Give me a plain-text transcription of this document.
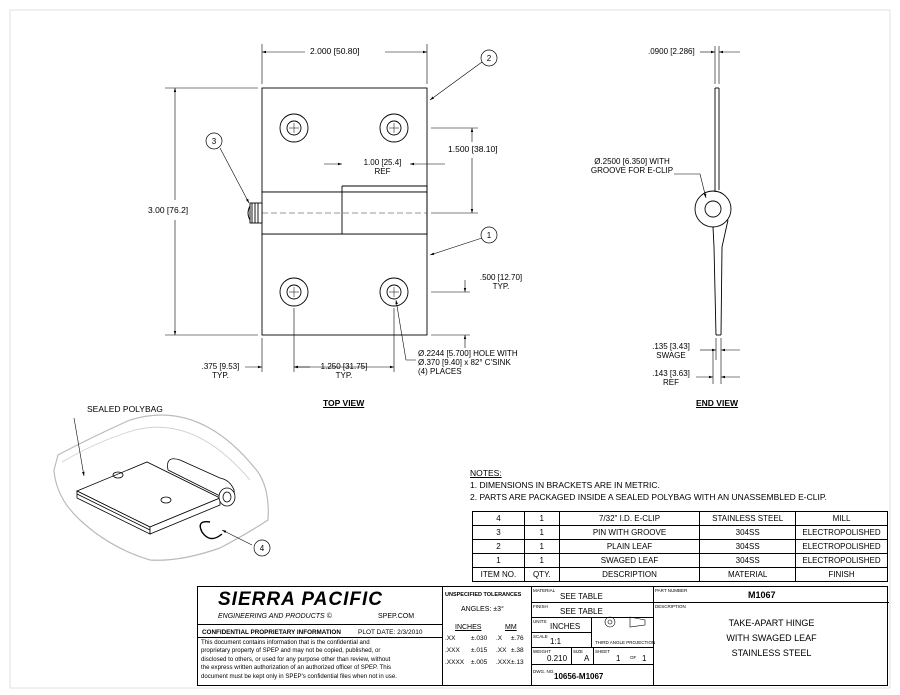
2.000 [50.80]
3.00 [76.2]
1.500 [38.10]
1.00 [25.4]
REF
.500 [12.70]
TYP.
.375 [9.53]
TYP.
1.250 [31.75]
TYP.
Ø.2244 [5.700] HOLE WITH
Ø.370 [9.40] x 82° C'SINK
(4) PLACES
.0900 [2.286]
Ø.2500 [6.350] WITH
GROOVE FOR E-CLIP
.135 [3.43]
SWAGE
.143 [3.63]
REF
TOP VIEW	END VIEW
2
1
3
4
SEALED POLYBAG
NOTES:
1. DIMENSIONS IN BRACKETS ARE IN METRIC.
2. PARTS ARE PACKAGED INSIDE A SEALED POLYBAG WITH AN UNASSEMBLED E-CLIP.
4	1	7/32" I.D. E-CLIP	STAINLESS STEEL	MILL
3	1	PIN WITH GROOVE	304SS	ELECTROPOLISHED
2	1	PLAIN LEAF	304SS	ELECTROPOLISHED
1	1	SWAGED LEAF	304SS	ELECTROPOLISHED
ITEM NO.	QTY.	DESCRIPTION	MATERIAL	FINISH
SIERRA PACIFIC
ENGINEERING AND PRODUCTS ©	SPEP.COM
CONFIDENTIAL PROPRIETARY INFORMATION	PLOT DATE: 2/3/2010
This document contains information that is the confidential and
proprietary property of SPEP and may not be copied, published, or
disclosed to others, or used for any purpose other than review, without
the express written authorization of an authorized officer of SPEP. This
document must be kept only in SPEP's confidential files when not in use.
UNSPECIFIED TOLERANCES
ANGLES: ±3°
INCHES	MM
.XX ±.030 .X ±.76
.XXX ±.015 .XX ±.38
.XXXX ±.005 .XXX ±.13
MATERIAL
SEE TABLE
FINISH
SEE TABLE
UNITS
INCHES
THIRD ANGLE PROJECTION
SCALE
1:1
WEIGHT
0.210
SIZE
A
SHEET
1 OF 1
DWG. NO.
10656-M1067
PART NUMBER	M1067
DESCRIPTION
TAKE-APART HINGE
WITH SWAGED LEAF
STAINLESS STEEL
